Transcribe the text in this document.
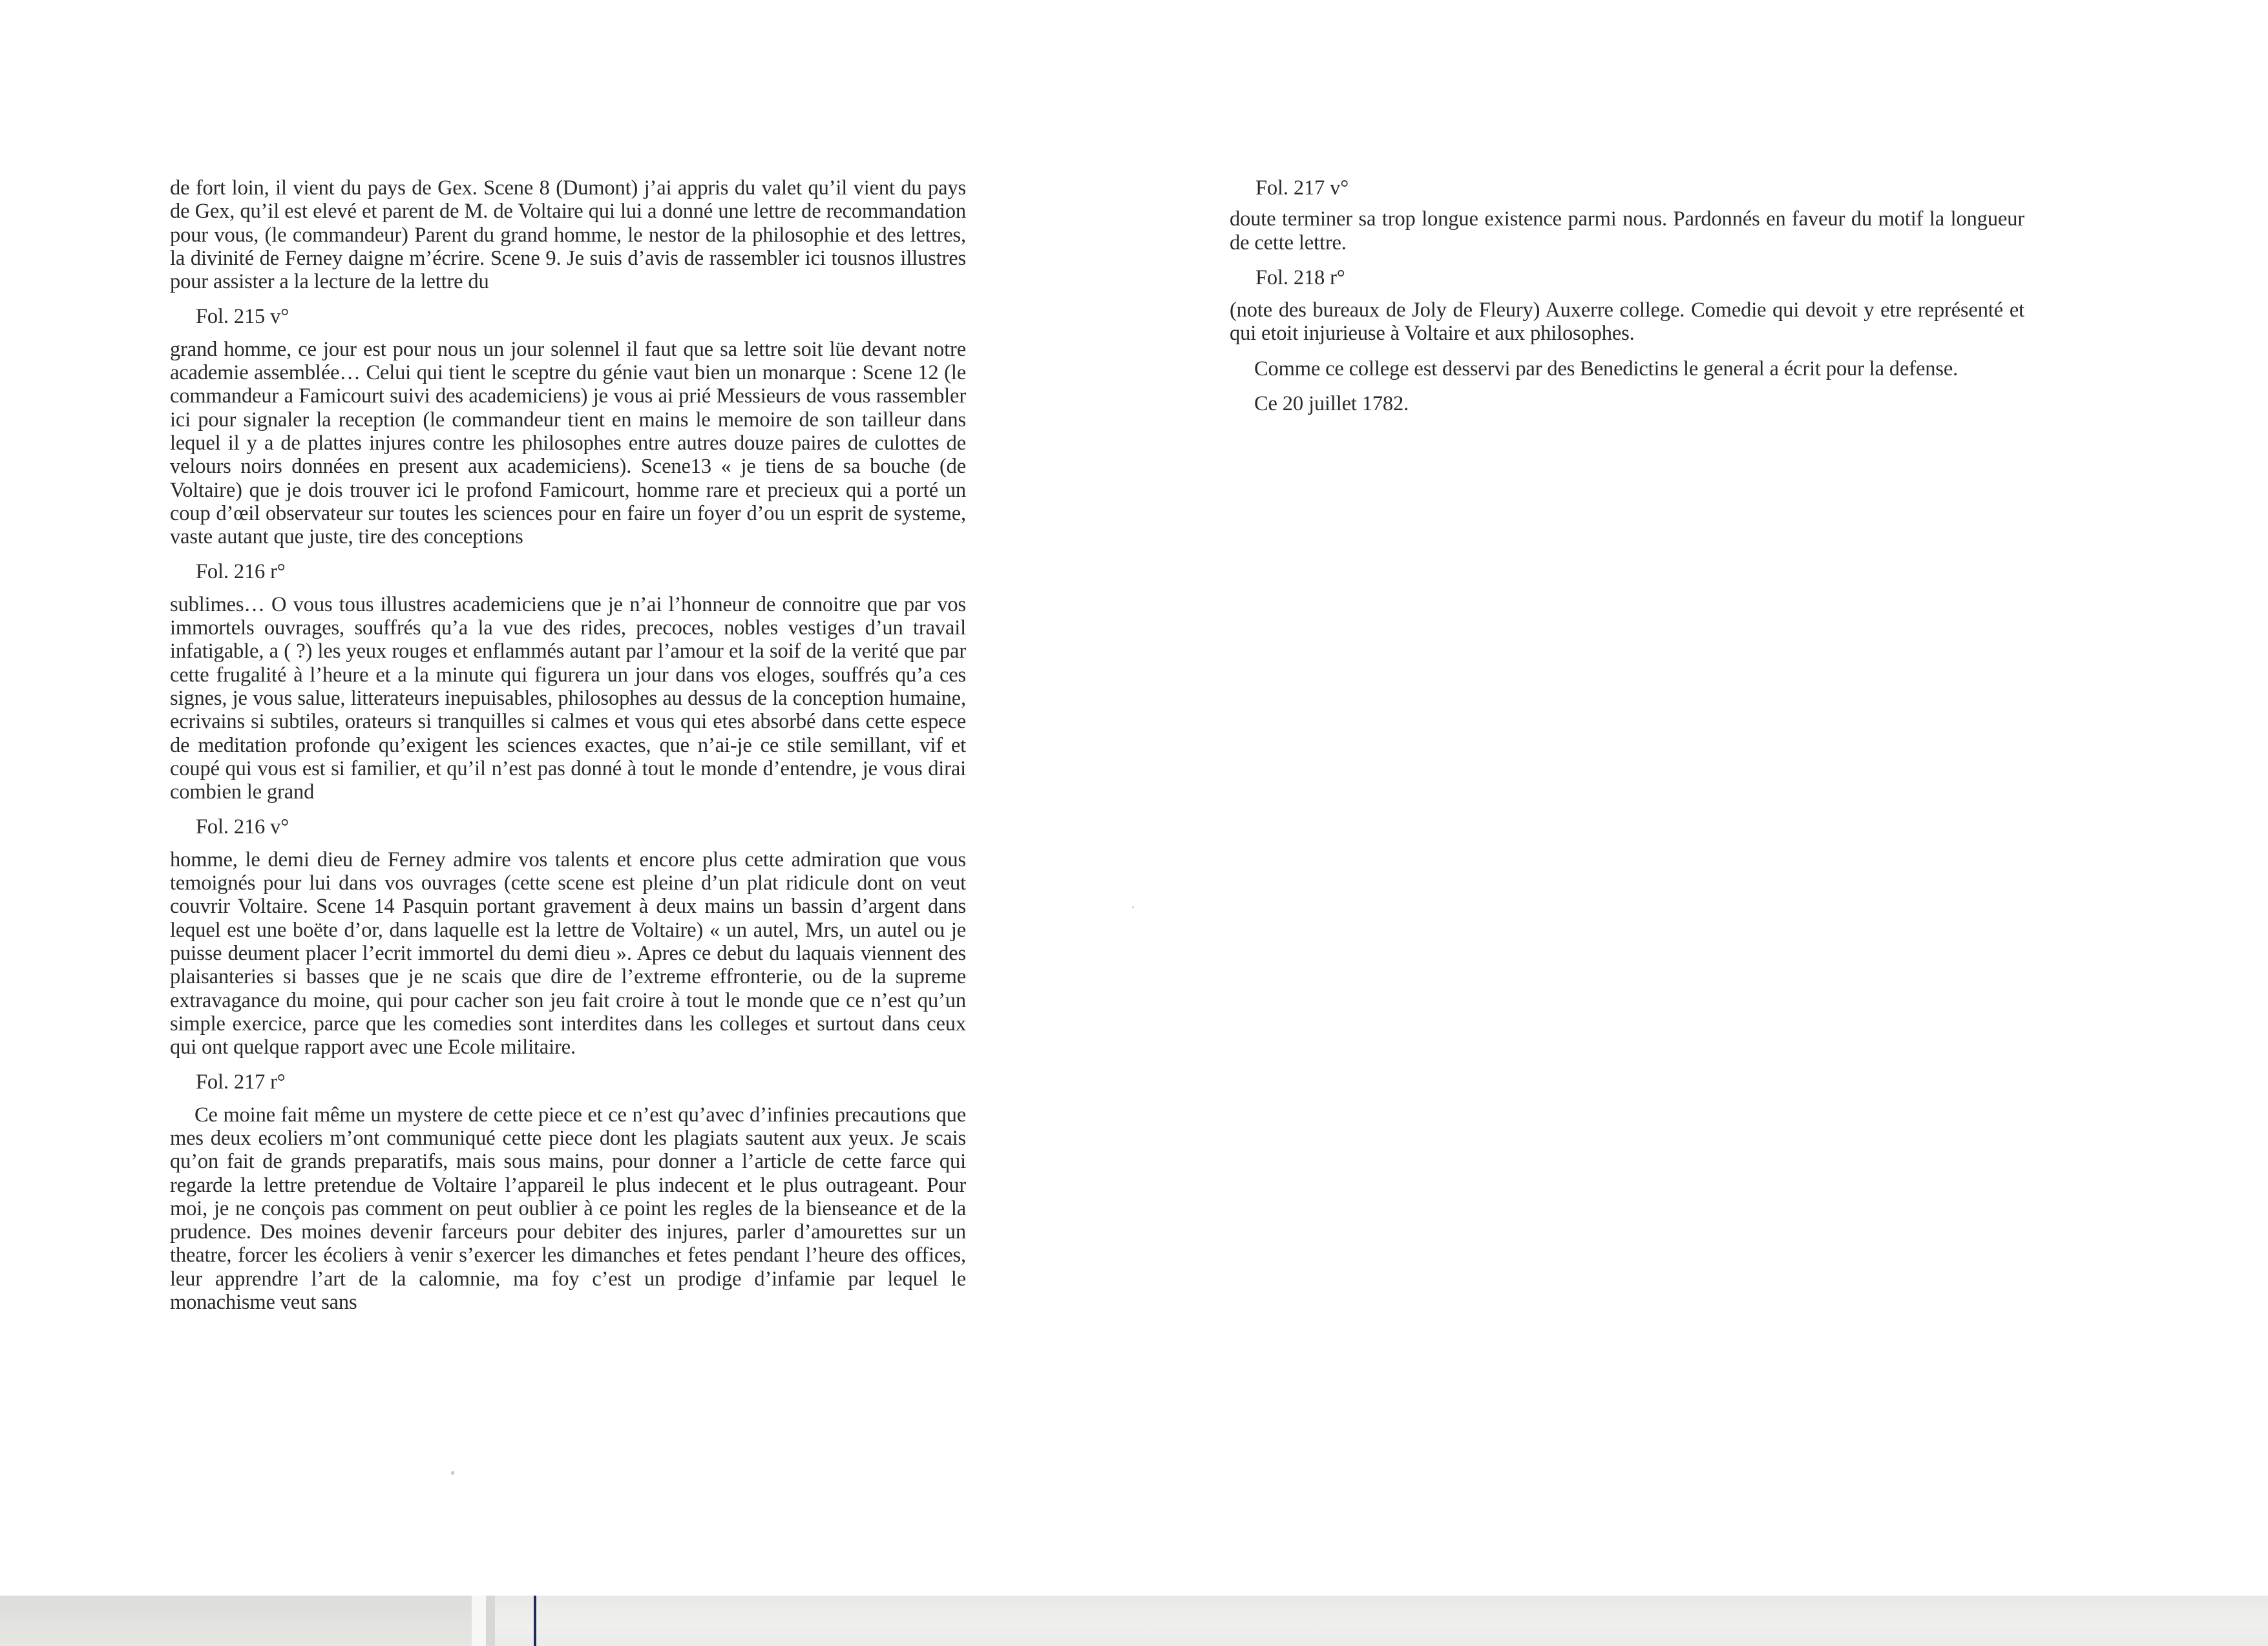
de fort loin, il vient du pays de Gex. Scene 8 (Dumont) j’ai appris du valet qu’il vient du pays de Gex, qu’il est elevé et parent de M. de Voltaire qui lui a donné une lettre de recommandation pour vous, (le commandeur) Parent du grand homme, le nestor de la philosophie et des lettres, la divinité de Ferney daigne m’écrire. Scene 9. Je suis d’avis de rassembler ici tousnos illustres pour assister a la lecture de la lettre du

Fol. 215 v°

grand homme, ce jour est pour nous un jour solennel il faut que sa lettre soit lüe devant notre academie assemblée… Celui qui tient le sceptre du génie vaut bien un monarque : Scene 12 (le commandeur a Famicourt suivi des academiciens) je vous ai prié Messieurs de vous rassembler ici pour signaler la reception (le commandeur tient en mains le memoire de son tailleur dans lequel il y a de plattes injures contre les philosophes entre autres douze paires de culottes de velours noirs données en present aux academiciens). Scene13 « je tiens de sa bouche (de Voltaire) que je dois trouver ici le profond Famicourt, homme rare et precieux qui a porté un coup d’œil observateur sur toutes les sciences pour en faire un foyer d’ou un esprit de systeme, vaste autant que juste, tire des conceptions

Fol. 216 r°

sublimes… O vous tous illustres academiciens que je n’ai l’honneur de connoitre que par vos immortels ouvrages, souffrés qu’a la vue des rides, precoces, nobles vestiges d’un travail infatigable, a ( ?) les yeux rouges et enflammés autant par l’amour et la soif de la verité que par cette frugalité à l’heure et a la minute qui figurera un jour dans vos eloges, souffrés qu’a ces signes, je vous salue, litterateurs inepuisables, philosophes au dessus de la conception humaine, ecrivains si subtiles, orateurs si tranquilles si calmes et vous qui etes absorbé dans cette espece de meditation profonde qu’exigent les sciences exactes, que n’ai-je ce stile semillant, vif et coupé qui vous est si familier, et qu’il n’est pas donné à tout le monde d’entendre, je vous dirai combien le grand

Fol. 216 v°

homme, le demi dieu de Ferney admire vos talents et encore plus cette admiration que vous temoignés pour lui dans vos ouvrages (cette scene est pleine d’un plat ridicule dont on veut couvrir Voltaire. Scene 14 Pasquin portant gravement à deux mains un bassin d’argent dans lequel est une boëte d’or, dans laquelle est la lettre de Voltaire) « un autel, Mrs, un autel ou je puisse deument placer l’ecrit immortel du demi dieu ». Apres ce debut du laquais viennent des plaisanteries si basses que je ne scais que dire de l’extreme effronterie, ou de la supreme extravagance du moine, qui pour cacher son jeu fait croire à tout le monde que ce n’est qu’un simple exercice, parce que les comedies sont interdites dans les colleges et surtout dans ceux qui ont quelque rapport avec une Ecole militaire.

Fol. 217 r°

Ce moine fait même un mystere de cette piece et ce n’est qu’avec d’infinies precautions que mes deux ecoliers m’ont communiqué cette piece dont les plagiats sautent aux yeux. Je scais qu’on fait de grands preparatifs, mais sous mains, pour donner a l’article de cette farce qui regarde la lettre pretendue de Voltaire l’appareil le plus indecent et le plus outrageant. Pour moi, je ne conçois pas comment on peut oublier à ce point les regles de la bienseance et de la prudence. Des moines devenir farceurs pour debiter des injures, parler d’amourettes sur un theatre, forcer les écoliers à venir s’exercer les dimanches et fetes pendant l’heure des offices, leur apprendre l’art de la calomnie, ma foy c’est un prodige d’infamie par lequel le monachisme veut sans

Fol. 217 v°

doute terminer sa trop longue existence parmi nous. Pardonnés en faveur du motif la longueur de cette lettre.

Fol. 218 r°

(note des bureaux de Joly de Fleury) Auxerre college. Comedie qui devoit y etre représenté et qui etoit injurieuse à Voltaire et aux philosophes.

Comme ce college est desservi par des Benedictins le general a écrit pour la defense.

Ce 20 juillet 1782.
